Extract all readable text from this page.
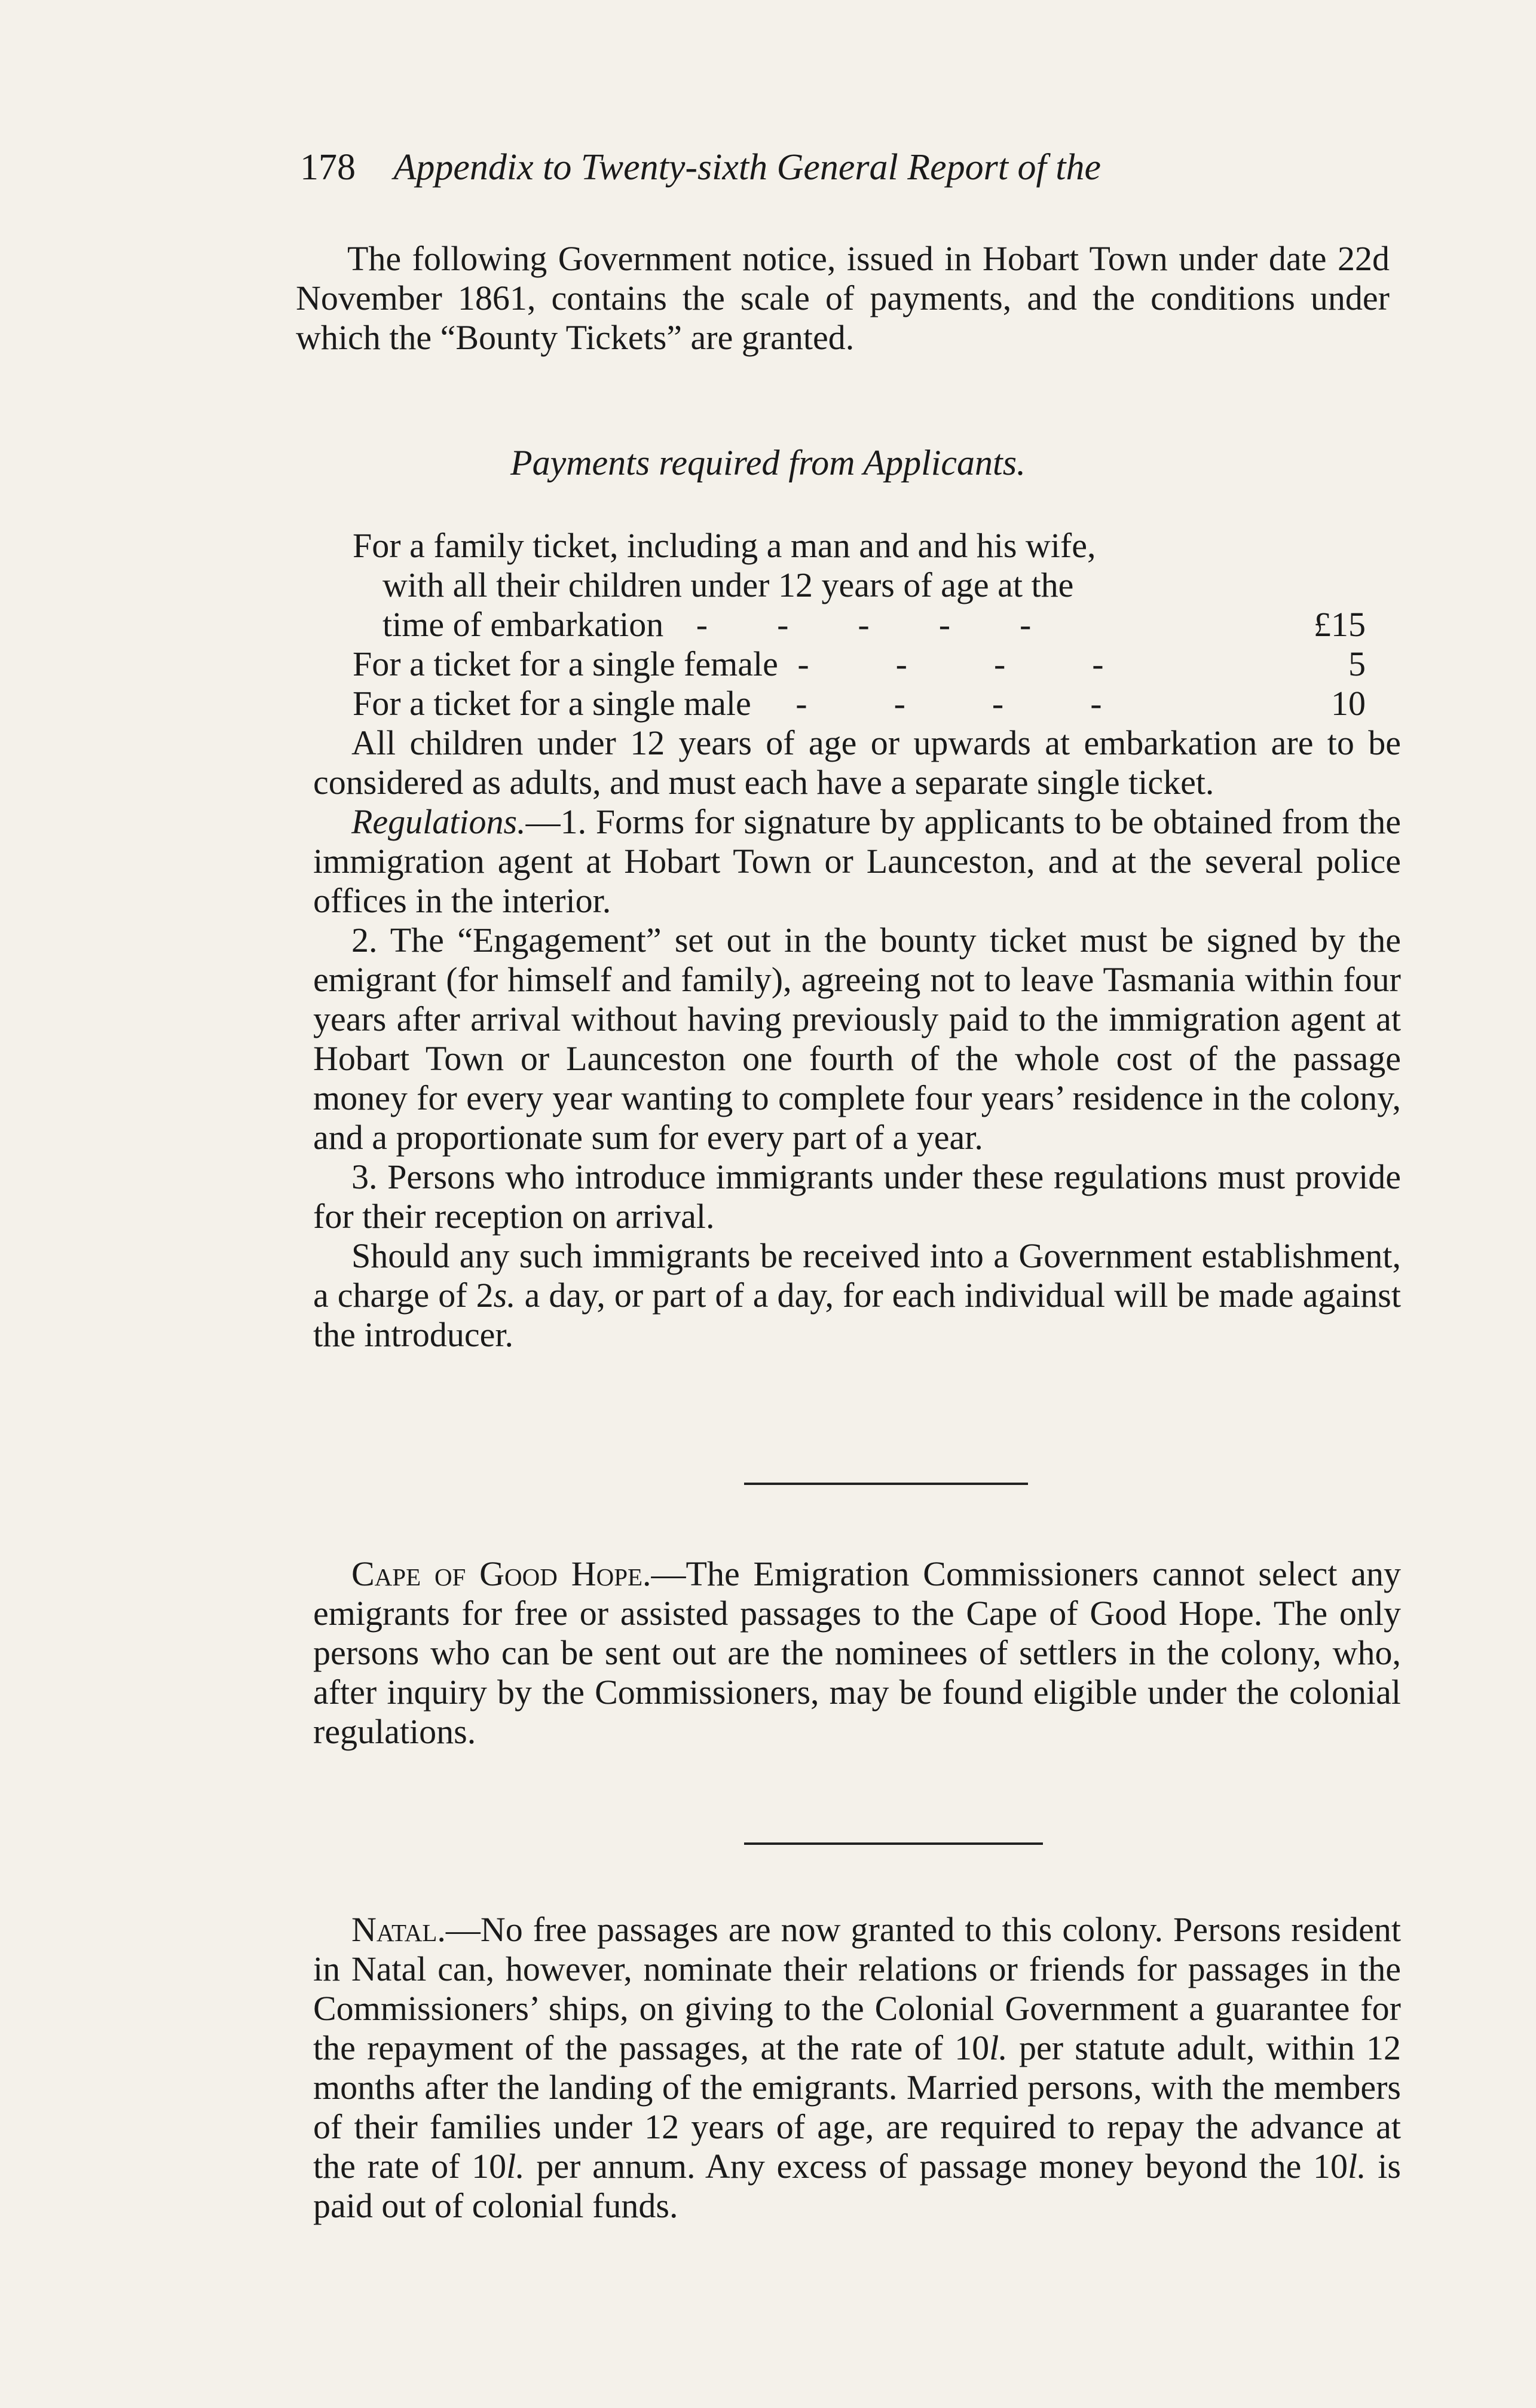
178 Appendix to Twenty-sixth General Report of the
The following Government notice, issued in Hobart Town under date 22d November 1861, contains the scale of payments, and the conditions under which the “Bounty Tickets” are granted.
Payments required from Applicants.
For a family ticket, including a man and and his wife,
with all their children under 12 years of age at the
time of embarkation -        -        -        -        -	£15
For a ticket for a single female -          -          -          -	5
For a ticket for a single male -          -          -          -	10
All children under 12 years of age or upwards at embarkation are to be considered as adults, and must each have a separate single ticket.
Regulations.—1. Forms for signature by applicants to be obtained from the immigration agent at Hobart Town or Launceston, and at the several police offices in the interior.
2. The “Engagement” set out in the bounty ticket must be signed by the emigrant (for himself and family), agreeing not to leave Tasmania within four years after arrival without having previously paid to the immigration agent at Hobart Town or Launceston one fourth of the whole cost of the passage money for every year wanting to complete four years’ residence in the colony, and a proportionate sum for every part of a year.
3. Persons who introduce immigrants under these regulations must provide for their reception on arrival.
Should any such immigrants be received into a Government establishment, a charge of 2s. a day, or part of a day, for each individual will be made against the introducer.
Cape of Good Hope.—The Emigration Commissioners cannot select any emigrants for free or assisted passages to the Cape of Good Hope. The only persons who can be sent out are the nominees of settlers in the colony, who, after inquiry by the Commissioners, may be found eligible under the colonial regulations.
Natal.—No free passages are now granted to this colony. Persons resident in Natal can, however, nominate their relations or friends for passages in the Commissioners’ ships, on giving to the Colonial Government a guarantee for the repayment of the passages, at the rate of 10l. per statute adult, within 12 months after the landing of the emigrants. Married persons, with the members of their families under 12 years of age, are required to repay the advance at the rate of 10l. per annum. Any excess of passage money beyond the 10l. is paid out of colonial funds.
